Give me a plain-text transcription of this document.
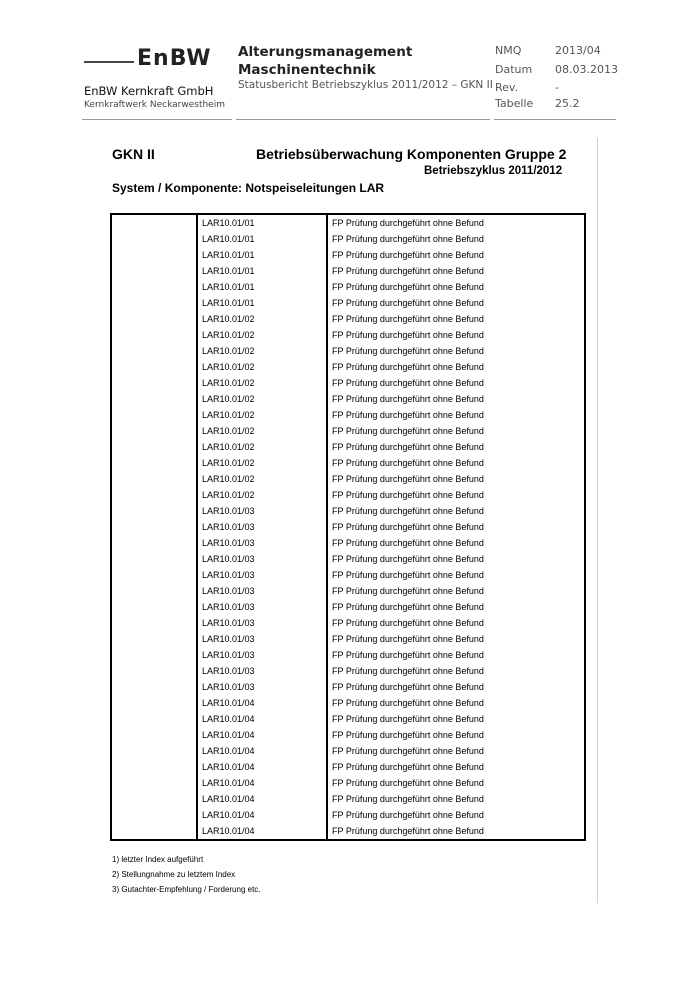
EnBW
EnBW Kernkraft GmbH
Kernkraftwerk Neckarwestheim
Alterungsmanagement
Maschinentechnik
Statusbericht Betriebszyklus 2011/2012 – GKN II
NMQ	2013/04
Datum 08.03.2013
Rev.	-
Tabelle 25.2
GKN II	Betriebsüberwachung Komponenten Gruppe 2
Betriebszyklus 2011/2012
System / Komponente: Notspeiseleitungen LAR
LAR10.01/01	FP Prüfung durchgeführt ohne Befund
LAR10.01/01	FP Prüfung durchgeführt ohne Befund
LAR10.01/01	FP Prüfung durchgeführt ohne Befund
LAR10.01/01	FP Prüfung durchgeführt ohne Befund
LAR10.01/01	FP Prüfung durchgeführt ohne Befund
LAR10.01/01	FP Prüfung durchgeführt ohne Befund
LAR10.01/02	FP Prüfung durchgeführt ohne Befund
LAR10.01/02	FP Prüfung durchgeführt ohne Befund
LAR10.01/02	FP Prüfung durchgeführt ohne Befund
LAR10.01/02	FP Prüfung durchgeführt ohne Befund
LAR10.01/02	FP Prüfung durchgeführt ohne Befund
LAR10.01/02	FP Prüfung durchgeführt ohne Befund
LAR10.01/02	FP Prüfung durchgeführt ohne Befund
LAR10.01/02	FP Prüfung durchgeführt ohne Befund
LAR10.01/02	FP Prüfung durchgeführt ohne Befund
LAR10.01/02	FP Prüfung durchgeführt ohne Befund
LAR10.01/02	FP Prüfung durchgeführt ohne Befund
LAR10.01/02	FP Prüfung durchgeführt ohne Befund
LAR10.01/03	FP Prüfung durchgeführt ohne Befund
LAR10.01/03	FP Prüfung durchgeführt ohne Befund
LAR10.01/03	FP Prüfung durchgeführt ohne Befund
LAR10.01/03	FP Prüfung durchgeführt ohne Befund
LAR10.01/03	FP Prüfung durchgeführt ohne Befund
LAR10.01/03	FP Prüfung durchgeführt ohne Befund
LAR10.01/03	FP Prüfung durchgeführt ohne Befund
LAR10.01/03	FP Prüfung durchgeführt ohne Befund
LAR10.01/03	FP Prüfung durchgeführt ohne Befund
LAR10.01/03	FP Prüfung durchgeführt ohne Befund
LAR10.01/03	FP Prüfung durchgeführt ohne Befund
LAR10.01/03	FP Prüfung durchgeführt ohne Befund
LAR10.01/04	FP Prüfung durchgeführt ohne Befund
LAR10.01/04	FP Prüfung durchgeführt ohne Befund
LAR10.01/04	FP Prüfung durchgeführt ohne Befund
LAR10.01/04	FP Prüfung durchgeführt ohne Befund
LAR10.01/04	FP Prüfung durchgeführt ohne Befund
LAR10.01/04	FP Prüfung durchgeführt ohne Befund
LAR10.01/04	FP Prüfung durchgeführt ohne Befund
LAR10.01/04	FP Prüfung durchgeführt ohne Befund
LAR10.01/04	FP Prüfung durchgeführt ohne Befund
1) letzter Index aufgeführt
2) Stellungnahme zu letztem Index
3) Gutachter-Empfehlung / Forderung etc.
